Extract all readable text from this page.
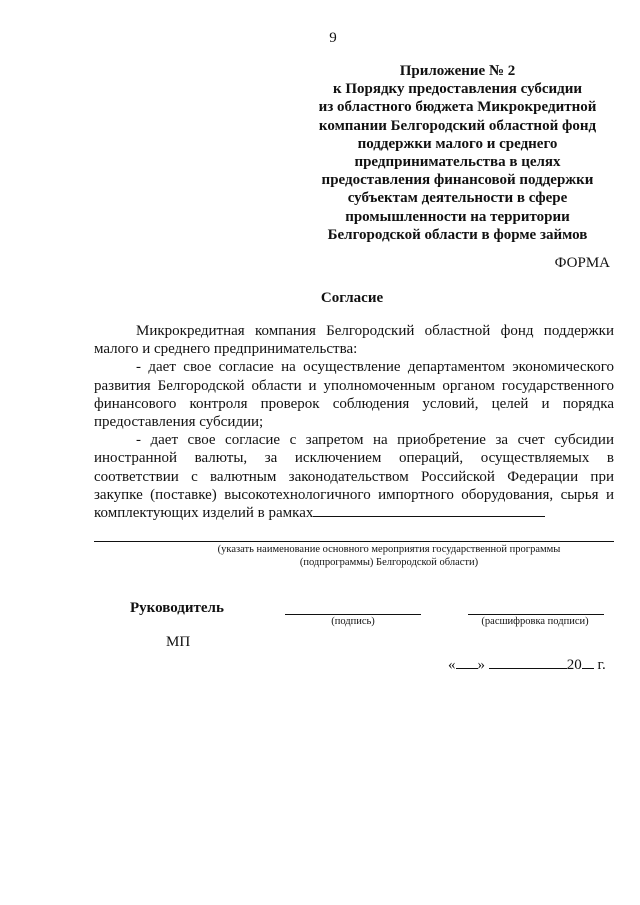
9
Приложение № 2
к Порядку предоставления субсидии
из областного бюджета Микрокредитной
компании Белгородский областной фонд
поддержки малого и среднего
предпринимательства в целях
предоставления финансовой поддержки
субъектам деятельности в сфере
промышленности на территории
Белгородской области в форме займов
ФОРМА
Согласие

Микрокредитная компания Белгородский областной фонд поддержки малого и среднего предпринимательства:

- дает свое согласие на осуществление департаментом экономического развития Белгородской области и уполномоченным органом государственного финансового контроля проверок соблюдения условий, целей и порядка предоставления субсидии;

- дает свое согласие с запретом на приобретение за счет субсидии иностранной валюты, за исключением операций, осуществляемых в соответствии с валютным законодательством Российской Федерации при закупке (поставке) высокотехнологичного импортного оборудования, сырья и комплектующих изделий в рамках

(указать наименование основного мероприятия государственной программы
(подпрограммы) Белгородской области)
Руководитель
(подпись)	(расшифровка подписи)
МП
« »	20 г.
